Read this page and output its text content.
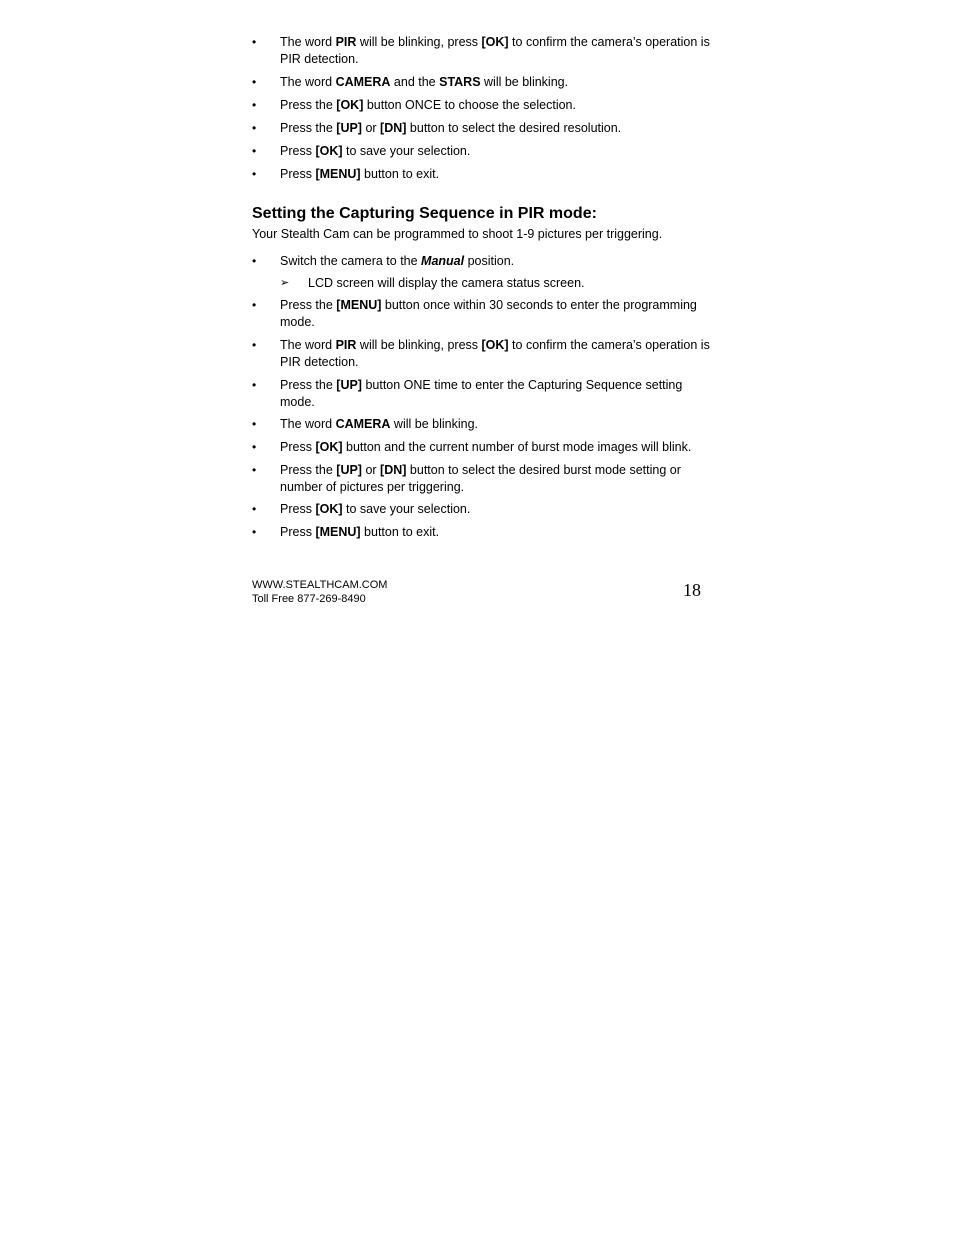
• The word PIR will be blinking, press [OK] to confirm the camera’s operation is PIR detection.
• The word CAMERA and the STARS will be blinking.
• Press the [OK] button ONCE to choose the selection.
• Press the [UP] or [DN] button to select the desired resolution.
• Press [OK] to save your selection.
• Press [MENU] button to exit.
Setting the Capturing Sequence in PIR mode:

Your Stealth Cam can be programmed to shoot 1-9 pictures per triggering.

• Switch the camera to the Manual position.
➢ LCD screen will display the camera status screen.
• Press the [MENU] button once within 30 seconds to enter the programming mode.
• The word PIR will be blinking, press [OK] to confirm the camera’s operation is PIR detection.
• Press the [UP] button ONE time to enter the Capturing Sequence setting mode.
• The word CAMERA will be blinking.
• Press [OK] button and the current number of burst mode images will blink.
• Press the [UP] or [DN] button to select the desired burst mode setting or number of pictures per triggering.
• Press [OK] to save your selection.
• Press [MENU] button to exit.
WWW.STEALTHCAM.COM
Toll Free 877-269-8490	18
